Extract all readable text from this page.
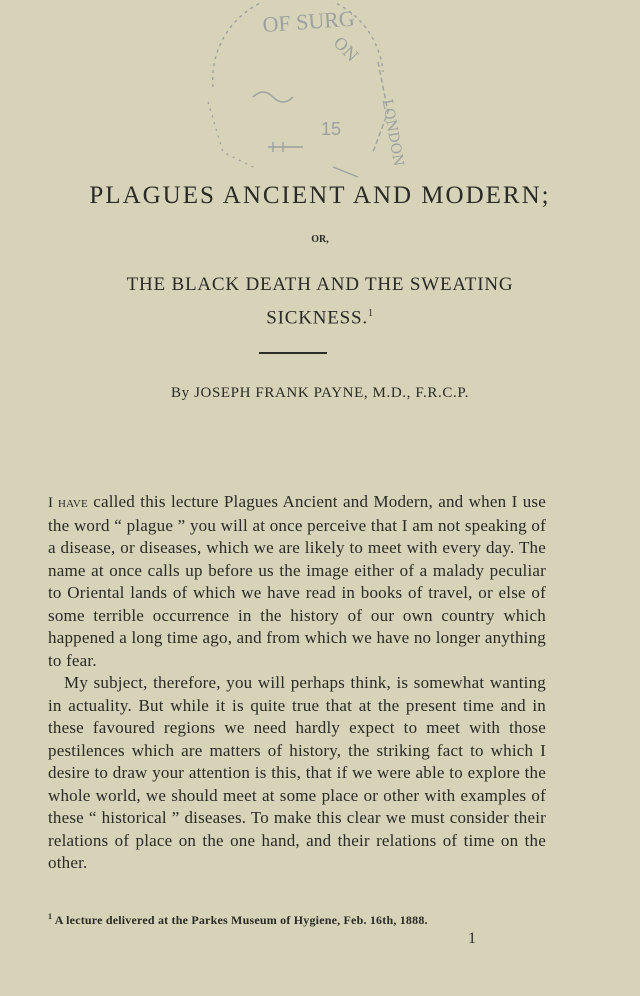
OF SURG
ON
LONDON
15
PLAGUES ANCIENT AND MODERN;
OR,
THE BLACK DEATH AND THE SWEATING
SICKNESS.$^1$
By JOSEPH FRANK PAYNE, M.D., F.R.C.P.

I have called this lecture Plagues Ancient and Modern, and when I use the word “ plague ” you will at once perceive that I am not speaking of a disease, or diseases, which we are likely to meet with every day. The name at once calls up before us the image either of a malady peculiar to Oriental lands of which we have read in books of travel, or else of some terrible occurrence in the history of our own country which happened a long time ago, and from which we have no longer anything to fear.

My subject, therefore, you will perhaps think, is somewhat wanting in actuality. But while it is quite true that at the present time and in these favoured regions we need hardly expect to meet with those pestilences which are matters of history, the striking fact to which I desire to draw your attention is this, that if we were able to explore the whole world, we should meet at some place or other with examples of these “ historical ” diseases. To make this clear we must consider their relations of place on the one hand, and their relations of time on the other.

$^1$ A lecture delivered at the Parkes Museum of Hygiene, Feb. 16th, 1888.
1
